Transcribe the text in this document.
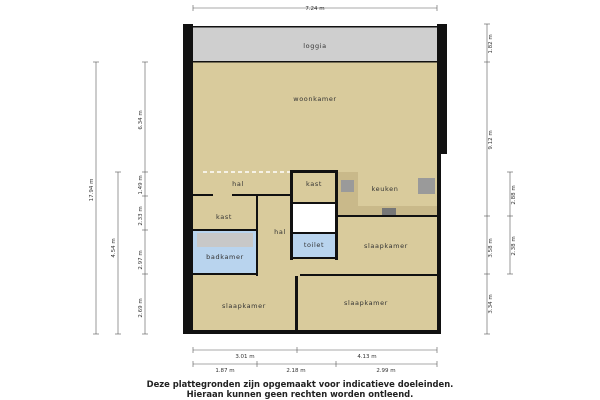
loggia
woonkamer
hal	kast
keuken
kast
hal
toilet	slaapkamer
badkamer
slaapkamer	slaapkamer
7.24 m
17.94 m
4.54 m
6.34 m
1.49 m
2.33 m
2.97 m
2.69 m
1.82 m
9.12 m
3.58 m
3.34 m
2.88 m
2.38 m
3.01 m	4.13 m
1.87 m	2.18 m	2.99 m
Deze plattegronden zijn opgemaakt voor indicatieve doeleinden.
Hieraan kunnen geen rechten worden ontleend.
